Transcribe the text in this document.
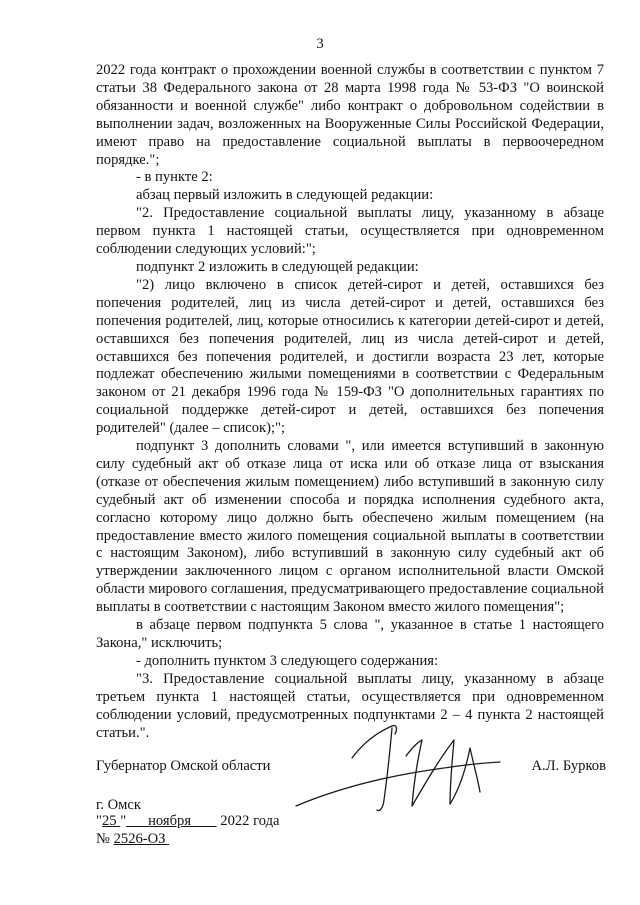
3

2022 года контракт о прохождении военной службы в соответствии с пунктом 7 статьи 38 Федерального закона от 28 марта 1998 года № 53-ФЗ "О воинской обязанности и военной службе" либо контракт о добровольном содействии в выполнении задач, возложенных на Вооруженные Силы Российской Федерации, имеют право на предоставление социальной выплаты в первоочередном порядке.";

- в пункте 2:

абзац первый изложить в следующей редакции:

"2. Предоставление социальной выплаты лицу, указанному в абзаце первом пункта 1 настоящей статьи, осуществляется при одновременном соблюдении следующих условий:";

подпункт 2 изложить в следующей редакции:

"2) лицо включено в список детей-сирот и детей, оставшихся без попечения родителей, лиц из числа детей-сирот и детей, оставшихся без попечения родителей, лиц, которые относились к категории детей-сирот и детей, оставшихся без попечения родителей, лиц из числа детей-сирот и детей, оставшихся без попечения родителей, и достигли возраста 23 лет, которые подлежат обеспечению жилыми помещениями в соответствии с Федеральным законом от 21 декабря 1996 года № 159-ФЗ "О дополнительных гарантиях по социальной поддержке детей-сирот и детей, оставшихся без попечения родителей" (далее – список);";

подпункт 3 дополнить словами ", или имеется вступивший в законную силу судебный акт об отказе лица от иска или об отказе лица от взыскания (отказе от обеспечения жилым помещением) либо вступивший в законную силу судебный акт об изменении способа и порядка исполнения судебного акта, согласно которому лицо должно быть обеспечено жилым помещением (на предоставление вместо жилого помещения социальной выплаты в соответствии с настоящим Законом), либо вступивший в законную силу судебный акт об утверждении заключенного лицом с органом исполнительной власти Омской области мирового соглашения, предусматривающего предоставление социальной выплаты в соответствии с настоящим Законом вместо жилого помещения";

в абзаце первом подпункта 5 слова ", указанное в статье 1 настоящего Закона," исключить;

- дополнить пунктом 3 следующего содержания:

"3. Предоставление социальной выплаты лицу, указанному в абзаце третьем пункта 1 настоящей статьи, осуществляется при одновременном соблюдении условий, предусмотренных подпунктами 2 – 4 пункта 2 настоящей статьи.".

Губернатор Омской области	А.Л. Бурков
г. Омск
"25 " ноября 2022 года
№ 2526-ОЗ
